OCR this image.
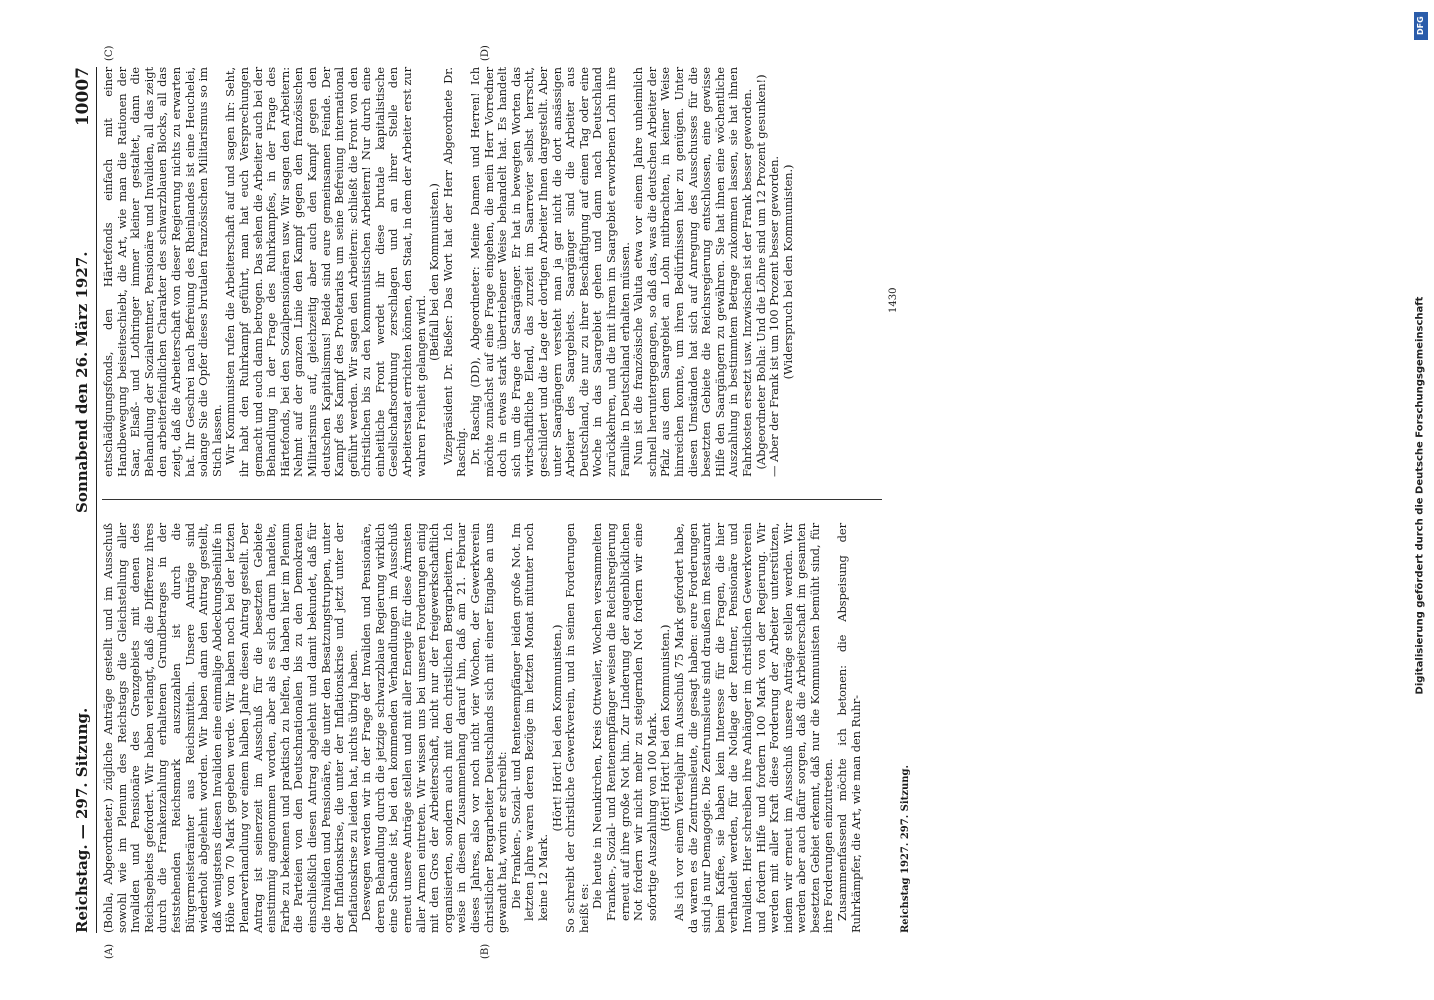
Reichstag. — 297. Sitzung.
Sonnabend den 26. März 1927.
10007
(A)	(B)
(C)	(D)

(Bohla, Abgeordneter.) zügliche Anträge gestellt und im Ausschuß sowohl wie im Plenum des Reichstags die Gleichstellung aller Invaliden und Pensionäre des Grenzgebiets mit denen des Reichsgebiets gefordert. Wir haben verlangt, daß die Differenz ihres durch die Frankenzahlung erhaltenen Grundbetrages in der feststehenden Reichsmark auszuzahlen ist durch die Bürgermeisterämter aus Reichsmitteln. Unsere Anträge sind wiederholt abgelehnt worden. Wir haben dann den Antrag gestellt, daß wenigstens diesen Invaliden eine einmalige Abdeckungsbeihilfe in Höhe von 70 Mark gegeben werde. Wir haben noch bei der letzten Plenarverhandlung vor einem halben Jahre diesen Antrag gestellt. Der Antrag ist seinerzeit im Ausschuß für die besetzten Gebiete einstimmig angenommen worden, aber als es sich darum handelte, Farbe zu bekennen und praktisch zu helfen, da haben hier im Plenum die Parteien von den Deutschnationalen bis zu den Demokraten einschließlich diesen Antrag abgelehnt und damit bekundet, daß für die Invaliden und Pensionäre, die unter den Besatzungstruppen, unter der Inflationskrise, die unter der Inflationskrise und jetzt unter der Deflationskrise zu leiden hat, nichts übrig haben. Deswegen werden wir in der Frage der Invaliden und Pensionäre, deren Behandlung durch die jetzige schwarzblaue Regierung wirklich eine Schande ist, bei den kommenden Verhandlungen im Ausschuß erneut unsere Anträge stellen und mit aller Energie für diese Ärmsten aller Armen eintreten. Wir wissen uns bei unseren Forderungen einig mit den Gros der Arbeiterschaft, nicht nur der freigewerkschaftlich organisierten, sondern auch mit den christlichen Bergarbeitern. Ich weise in diesem Zusammenhang darauf hin, daß am 21. Februar dieses Jahres, also vor noch nicht vier Wochen, der Gewerkverein christlicher Bergarbeiter Deutschlands sich mit einer Eingabe an uns gewandt hat, worin er schreibt: Die Franken-, Sozial- und Rentenempfänger leiden große Not. Im letzten Jahre waren deren Bezüge im letzten Monat mitunter noch keine 12 Mark.

(Hört! Hört! bei den Kommunisten.) So schreibt der christliche Gewerkverein, und in seinen Forderungen heißt es: Die heute in Neunkirchen, Kreis Ottweiler, Wochen versammelten Franken-, Sozial- und Rentenempfänger weisen die Reichsregierung erneut auf ihre große Not hin. Zur Linderung der augenblicklichen Not fordern wir nicht mehr zu steigernden Not fordern wir eine sofortige Auszahlung von 100 Mark. (Hört! Hört! bei den Kommunisten.) Als ich vor einem Vierteljahr im Ausschuß 75 Mark gefordert habe, da waren es die Zentrumsleute, die gesagt haben: eure Forderungen sind ja nur Demagogie. Die Zentrumsleute sind draußen im Restaurant beim Kaffee, sie haben kein Interesse für die Fragen, die hier verhandelt werden, für die Notlage der Rentner, Pensionäre und Invaliden. Hier schreiben ihre Anhänger im christlichen Gewerkverein und fordern Hilfe und fordern 100 Mark von der Regierung. Wir werden mit aller Kraft diese Forderung der Arbeiter unterstützen, indem wir erneut im Ausschuß unsere Anträge stellen werden. Wir werden aber auch dafür sorgen, daß die Arbeiterschaft im gesamten besetzten Gebiet erkennt, daß nur die Kommunisten bemüht sind, für ihre Forderungen einzutreten. Zusammenfassend möchte ich betonen: die Abspeisung der Ruhrkämpfer, die Art, wie man den Ruhr-

entschädigungsfonds, den Härtefonds einfach mit einer Handbewegung beiseiteschiebt, die Art, wie man die Rationen der Saar, Elsaß- und Lothringer immer kleiner gestaltet, dann die Behandlung der Sozialrentner, Pensionäre und Invaliden, all das zeigt den arbeiterfeindlichen Charakter des schwarzblauen Blocks, all das zeigt, daß die Arbeiterschaft von dieser Regierung nichts zu erwarten hat. Ihr Geschrei nach Befreiung des Rheinlandes ist eine Heuchelei, solange Sie die Opfer dieses brutalen französischen Militarismus so im Stich lassen. Wir Kommunisten rufen die Arbeiterschaft auf und sagen ihr: Seht, ihr habt den Ruhrkampf geführt, man hat euch Versprechungen gemacht und euch dann betrogen. Das sehen die Arbeiter auch bei der Behandlung in der Frage des Ruhrkampfes, in der Frage des Härtefonds, bei den Sozialpensionären usw. Wir sagen den Arbeitern: Nehmt auf der ganzen Linie den Kampf gegen den französischen Militarismus auf, gleichzeitig aber auch den Kampf gegen den deutschen Kapitalismus! Beide sind eure gemeinsamen Feinde. Der Kampf des Kampf des Proletariats um seine Befreiung international geführt werden. Wir sagen den Arbeitern: schließt die Front von den christlichen bis zu den kommunistischen Arbeitern! Nur durch eine einheitliche Front werdet ihr diese brutale kapitalistische Gesellschaftsordnung zerschlagen und an ihrer Stelle den Arbeiterstaat errichten können, den Staat, in dem der Arbeiter erst zur wahren Freiheit gelangen wird.

(Beifall bei den Kommunisten.) Vizepräsident Dr. Rießer: Das Wort hat der Herr Abgeordnete Dr. Raschig. Dr. Raschig (DD), Abgeordneter: Meine Damen und Herren! Ich möchte zunächst auf eine Frage eingehen, die mein Herr Vorredner doch in etwas stark übertriebener Weise behandelt hat. Es handelt sich um die Frage der Saargänger. Er hat in bewegten Worten das wirtschaftliche Elend, das zurzeit im Saarrevier selbst herrscht, geschildert und die Lage der dortigen Arbeiter Ihnen dargestellt. Aber unter Saargängern versteht man ja gar nicht die dort ansässigen Arbeiter des Saargebiets. Saargänger sind die Arbeiter aus Deutschland, die nur zu ihrer Beschäftigung auf einen Tag oder eine Woche in das Saargebiet gehen und dann nach Deutschland zurückkehren, und die mit ihrem im Saargebiet erworbenen Lohn ihre Familie in Deutschland erhalten müssen. Nun ist die französische Valuta etwa vor einem Jahre unheimlich schnell heruntergegangen, so daß das, was die deutschen Arbeiter der Pfalz aus dem Saargebiet an Lohn mitbrachten, in keiner Weise hinreichen konnte, um ihren Bedürfnissen hier zu genügen. Unter diesen Umständen hat sich auf Anregung des Ausschusses für die besetzten Gebiete die Reichsregierung entschlossen, eine gewisse Hilfe den Saargängern zu gewähren. Sie hat ihnen eine wöchentliche Auszahlung in bestimmtem Betrage zukommen lassen, sie hat ihnen Fahrkosten ersetzt usw. Inzwischen ist der Frank besser geworden. (Abgeordneter Bohla: Und die Löhne sind um 12 Prozent gesunken!) — Aber der Frank ist um 100 Prozent besser geworden. (Widerspruch bei den Kommunisten.)

Reichstag 1927. 297. Sitzung.
1430	Digitalisierung gefördert durch die Deutsche Forschungsgemeinschaft
DFG
